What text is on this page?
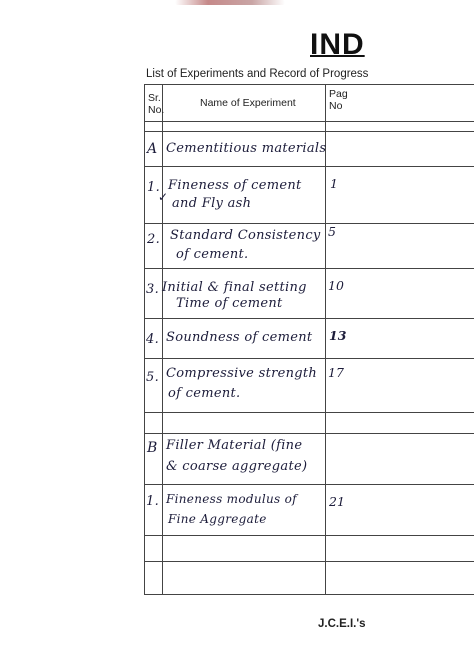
IND
List of Experiments and Record of Progress
Sr.
No.
Name of Experiment
Pag
No
A Cementitious materials
1.
✓
Fineness of cement
and Fly ash
1
2. Standard Consistency
of cement.
5
3. Initial & final setting
Time of cement
10
4. Soundness of cement 13
5. Compressive strength
of cement.
17
B Filler Material (fine
& coarse aggregate)
1. Fineness modulus of
Fine Aggregate
21
J.C.E.I.'s
